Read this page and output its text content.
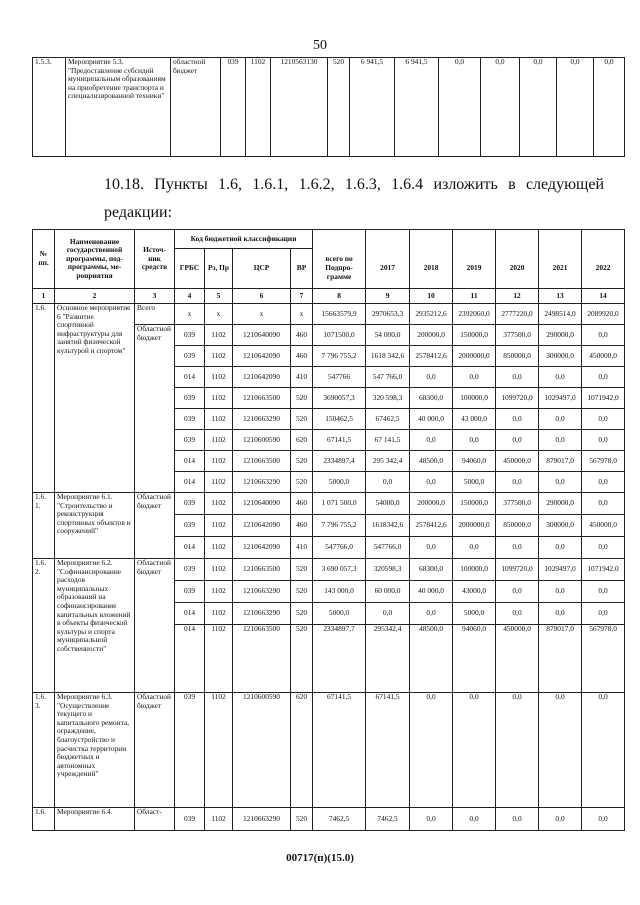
50
1.5.3.	Мероприятие 5.3. "Предоставление субсидий муниципальным образованиям на приобретение транспорта и специализированной техники"	областной бюджет	039	1102	1210563130	520	6 941,5	6 941,5	0,0	0,0	0,0	0,0	0,0
10.18. Пункты 1.6, 1.6.1, 1.6.2, 1.6.3, 1.6.4 изложить в следующей
редакции:
№ пп.	Наименование государственной программы, под-программы, ме-роприятия	Источ-ник средств	Код бюджетной классификации										
			ГРБС	Рз, Пр	ЦСР	ВР	всего по Подпро-грамме	2017	2018	2019	2020	2021	2022
1	2	3	4	5	6	7	8	9	10	11	12	13	14
1.6.	Основное мероприятие 6 "Развитие спортивной инфраструктуры для занятий физической культурой и спортом"	Всего	x	x	x	x	15663579,9	2970653,3	2935212,6	2392060,0	2777220,0	2498514,0	2089920,0
		Областной бюджет	039	1102	1210640090	460	1071500,0	54 000,0	200000,0	150000,0	377500,0	290000,0	0,0
			039	1102	1210642090	460	7 796 755,2	1618 342,6	2578412,6	2000000,0	850000,0	300000,0	450000,0
			014	1102	1210642090	410	547766	547 766,0	0,0	0,0	0,0	0,0	0,0
			039	1102	1210663500	520	3690057,3	320 598,3	68300,0	100000,0	1099720,0	1029497,0	1071942,0
			039	1102	1210663290	520	150462,5	67462,5	40 000,0	43 000,0	0,0	0,0	0,0
			039	1102	1210600590	620	67141,5	67 141,5	0,0	0,0	0,0	0,0	0,0
			014	1102	1210663500	520	2334897,4	295 342,4	48500,0	94060,0	450000,0	879017,0	567978,0
			014	1102	1210663290	520	5000,0	0,0	0,0	5000,0	0,0	0,0	0,0
1.6. 1.	Мероприятие 6.1. "Строительство и реконструкция спортивных объектов и сооружений"	Областной бюджет	039	1102	1210640090	460	1 071 500,0	54000,0	200000,0	150000,0	377500,0	290000,0	0,0
			039	1102	1210642090	460	7 796 755,2	1618342,6	2578412,6	2000000,0	850000,0	300000,0	450000,0
			014	1102	1210642090	410	547766,0	547766,0	0,0	0,0	0,0	0,0	0,0
1.6. 2.	Мероприятие 6.2. "Софинансирование расходов муниципальных образований на софинансирование капитальных вложений в объекты физической культуры и спорта муниципальной собственности"	Областной бюджет	039	1102	1210663500	520	3 690 057,3	320598,3	68300,0	100000,0	1099720,0	1029497,0	1071942,0
			039	1102	1210663290	520	143 000,0	60 000,0	40 000,0	43000,0	0,0	0,0	0,0
			014	1102	1210663290	520	5000,0	0,0	0,0	5000,0	0,0	0,0	0,0
			014	1102	1210663500	520	2334897,7	295342,4	48500,0	94060,0	450000,0	879017,0	567978,0
1.6. 3.	Мероприятие 6.3. "Осуществление текущего и капитального ремонта, ограждение, благоустройство и расчистка территории бюджетных и автономных учреждений"	Областной бюджет	039	1102	1210600590	620	67141,5	67141,5	0,0	0,0	0,0	0,0	0,0
1.6.	Мероприятие 6.4.	Област-	039	1102	1210663290	520	7462,5	7462,5	0,0	0,0	0,0	0,0	0,0
00717(п)(15.0)
